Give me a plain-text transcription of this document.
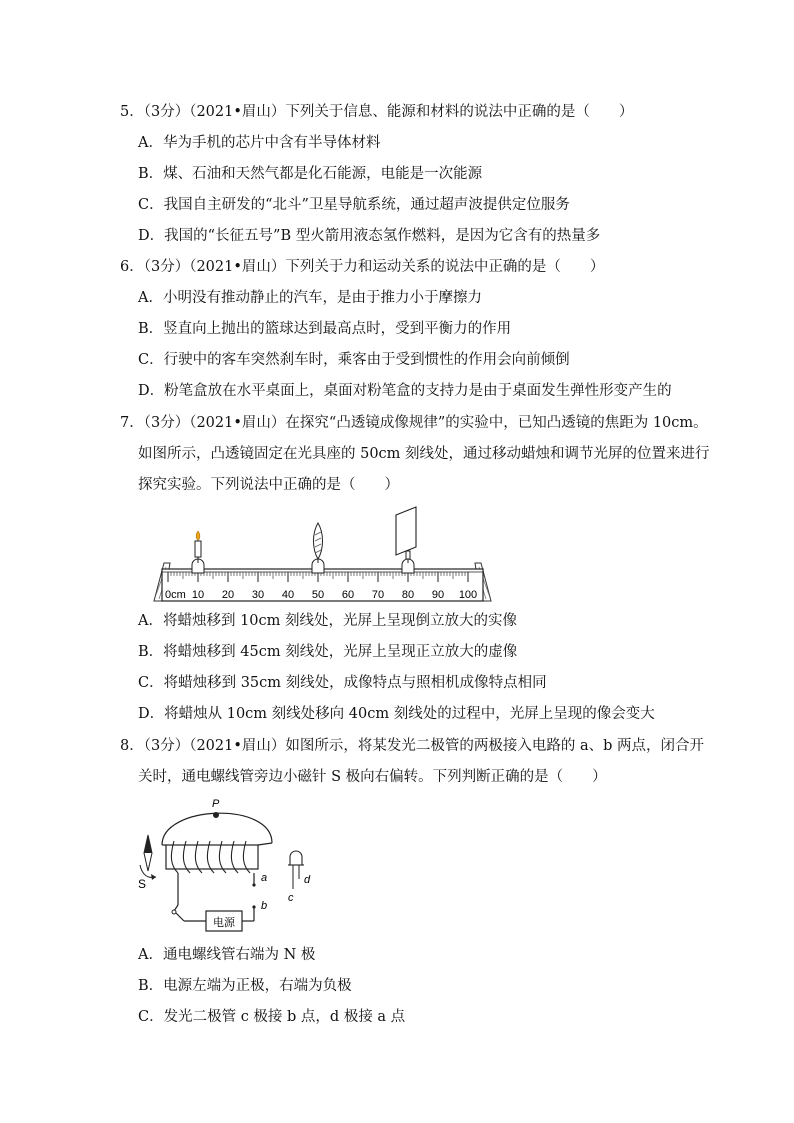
5．（3分）（2021•眉山）下列关于信息、能源和材料的说法中正确的是（　　）
A．华为手机的芯片中含有半导体材料
B．煤、石油和天然气都是化石能源，电能是一次能源
C．我国自主研发的“北斗”卫星导航系统，通过超声波提供定位服务
D．我国的“长征五号”B 型火箭用液态氢作燃料，是因为它含有的热量多
6．（3分）（2021•眉山）下列关于力和运动关系的说法中正确的是（　　）
A．小明没有推动静止的汽车，是由于推力小于摩擦力
B．竖直向上抛出的篮球达到最高点时，受到平衡力的作用
C．行驶中的客车突然刹车时，乘客由于受到惯性的作用会向前倾倒
D．粉笔盒放在水平桌面上，桌面对粉笔盒的支持力是由于桌面发生弹性形变产生的
7．（3分）（2021•眉山）在探究“凸透镜成像规律”的实验中，已知凸透镜的焦距为 10cm。
如图所示，凸透镜固定在光具座的 50cm 刻线处，通过移动蜡烛和调节光屏的位置来进行
探究实验。下列说法中正确的是（　　）
0cm 10 20 30 40 50 60 70 80 90 100
A．将蜡烛移到 10cm 刻线处，光屏上呈现倒立放大的实像
B．将蜡烛移到 45cm 刻线处，光屏上呈现正立放大的虚像
C．将蜡烛移到 35cm 刻线处，成像特点与照相机成像特点相同
D．将蜡烛从 10cm 刻线处移向 40cm 刻线处的过程中，光屏上呈现的像会变大
8．（3分）（2021•眉山）如图所示，将某发光二极管的两极接入电路的 a、b 两点，闭合开
关时，通电螺线管旁边小磁针 S 极向右偏转。下列判断正确的是（　　）
P
a
电源
b
S	d
c
A．通电螺线管右端为 N 极
B．电源左端为正极，右端为负极
C．发光二极管 c 极接 b 点，d 极接 a 点
